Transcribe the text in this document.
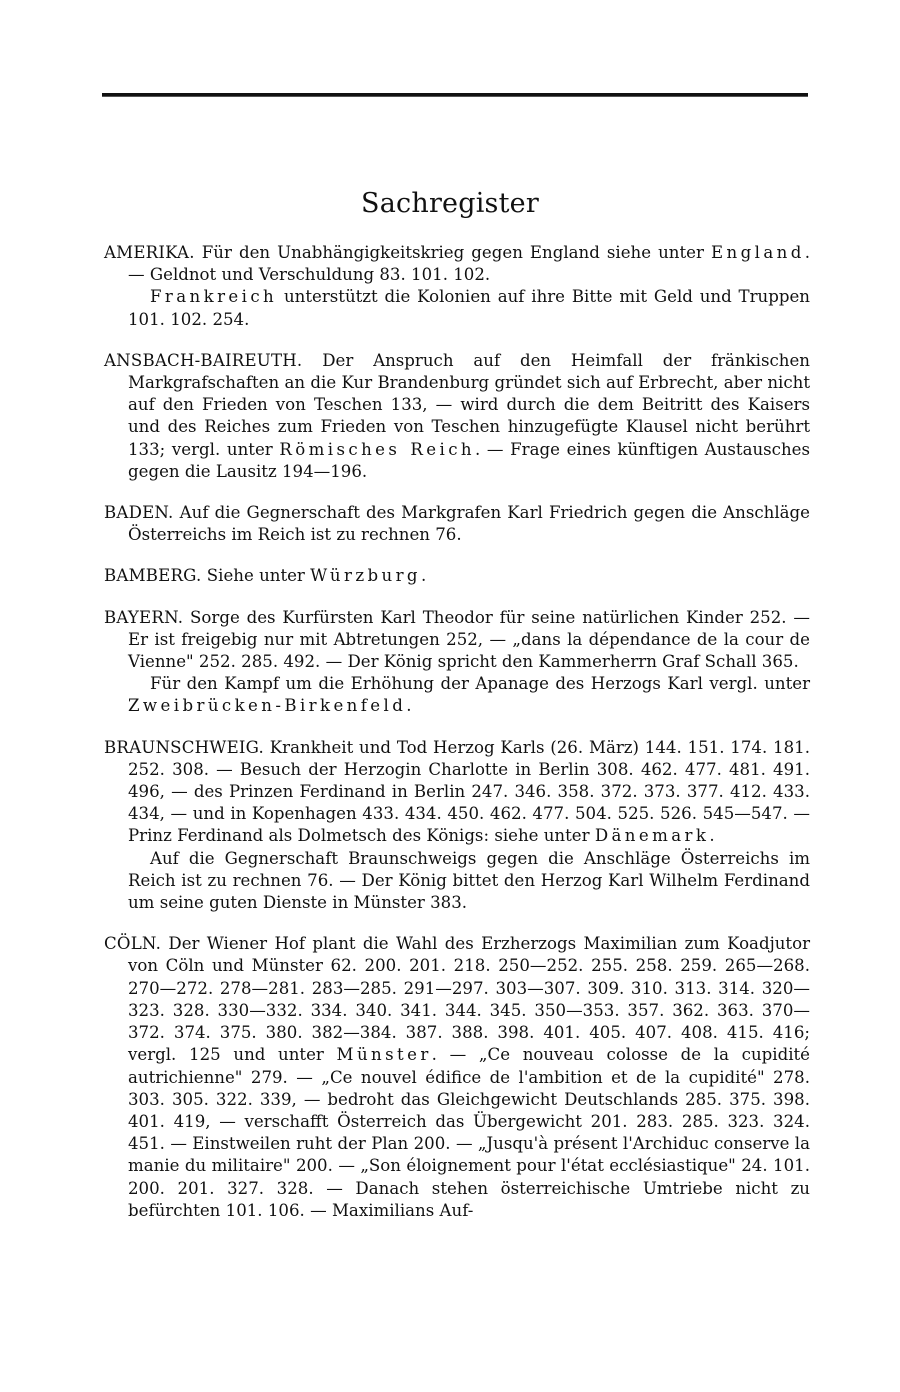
Sachregister

AMERIKA. Für den Unabhängigkeitskrieg gegen England siehe unter England. — Geldnot und Verschuldung 83. 101. 102.

Frankreich unterstützt die Kolonien auf ihre Bitte mit Geld und Truppen 101. 102. 254.

ANSBACH-BAIREUTH. Der Anspruch auf den Heimfall der fränkischen Markgrafschaften an die Kur Brandenburg gründet sich auf Erbrecht, aber nicht auf den Frieden von Teschen 133, — wird durch die dem Beitritt des Kaisers und des Reiches zum Frieden von Teschen hinzugefügte Klausel nicht berührt 133; vergl. unter Römisches Reich. — Frage eines künftigen Austausches gegen die Lausitz 194—196.

BADEN. Auf die Gegnerschaft des Markgrafen Karl Friedrich gegen die Anschläge Österreichs im Reich ist zu rechnen 76.

BAMBERG. Siehe unter Würzburg.

BAYERN. Sorge des Kurfürsten Karl Theodor für seine natürlichen Kinder 252. — Er ist freigebig nur mit Abtretungen 252, — „dans la dépendance de la cour de Vienne" 252. 285. 492. — Der König spricht den Kammerherrn Graf Schall 365.

Für den Kampf um die Erhöhung der Apanage des Herzogs Karl vergl. unter Zweibrücken-Birkenfeld.

BRAUNSCHWEIG. Krankheit und Tod Herzog Karls (26. März) 144. 151. 174. 181. 252. 308. — Besuch der Herzogin Charlotte in Berlin 308. 462. 477. 481. 491. 496, — des Prinzen Ferdinand in Berlin 247. 346. 358. 372. 373. 377. 412. 433. 434, — und in Kopenhagen 433. 434. 450. 462. 477. 504. 525. 526. 545—547. — Prinz Ferdinand als Dolmetsch des Königs: siehe unter Dänemark.

Auf die Gegnerschaft Braunschweigs gegen die Anschläge Österreichs im Reich ist zu rechnen 76. — Der König bittet den Herzog Karl Wilhelm Ferdinand um seine guten Dienste in Münster 383.

CÖLN. Der Wiener Hof plant die Wahl des Erzherzogs Maximilian zum Koadjutor von Cöln und Münster 62. 200. 201. 218. 250—252. 255. 258. 259. 265—268. 270—272. 278—281. 283—285. 291—297. 303—307. 309. 310. 313. 314. 320—323. 328. 330—332. 334. 340. 341. 344. 345. 350—353. 357. 362. 363. 370—372. 374. 375. 380. 382—384. 387. 388. 398. 401. 405. 407. 408. 415. 416; vergl. 125 und unter Münster. — „Ce nouveau colosse de la cupidité autrichienne" 279. — „Ce nouvel édifice de l'ambition et de la cupidité" 278. 303. 305. 322. 339, — bedroht das Gleichgewicht Deutschlands 285. 375. 398. 401. 419, — verschafft Österreich das Übergewicht 201. 283. 285. 323. 324. 451. — Einstweilen ruht der Plan 200. — „Jusqu'à présent l'Archiduc conserve la manie du militaire" 200. — „Son éloignement pour l'état ecclésiastique" 24. 101. 200. 201. 327. 328. — Danach stehen österreichische Umtriebe nicht zu befürchten 101. 106. — Maximilians Auf-
